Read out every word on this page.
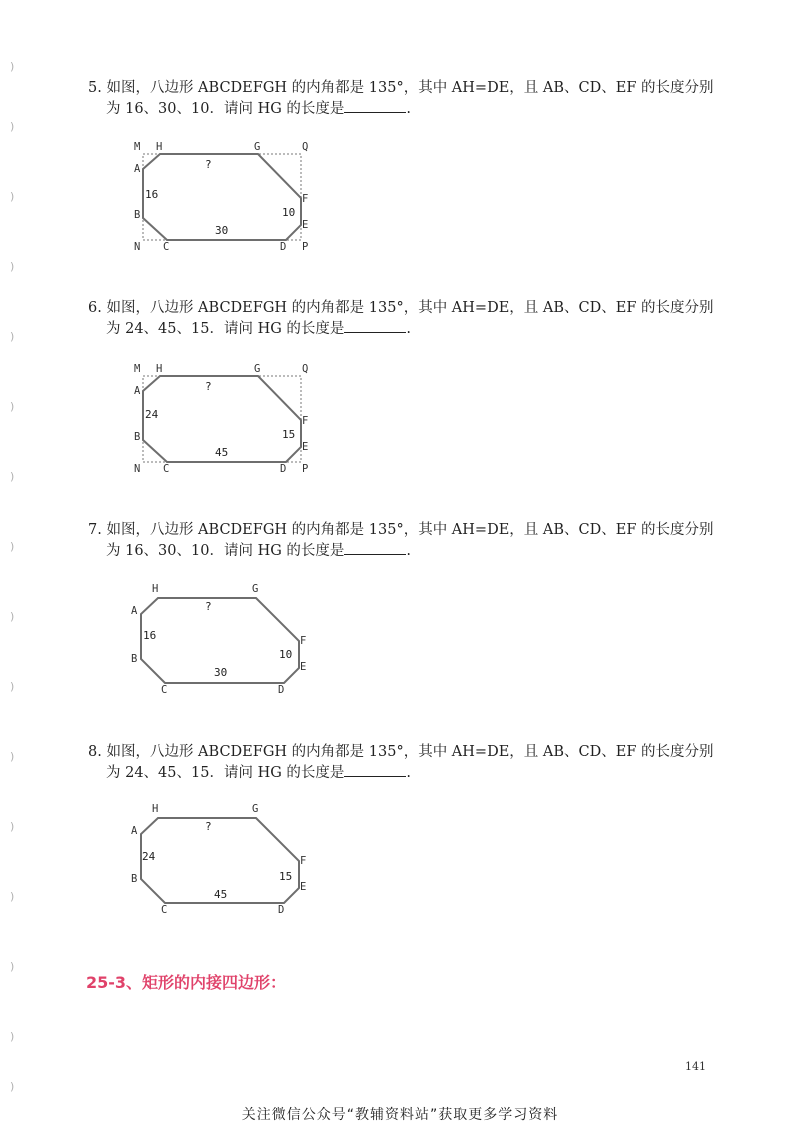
)
)
)
)
)
)
)
)
)
)
)
)
)
)
)
)
5. 如图，八边形 ABCDEFGH 的内角都是 135°，其中 AH=DE，且 AB、CD、EF 的长度分别
为 16、30、10．请问 HG 的长度是	.
M H	G	Q
A
F
B
E
N C	D P
?
16
30
10
6. 如图，八边形 ABCDEFGH 的内角都是 135°，其中 AH=DE，且 AB、CD、EF 的长度分别
为 24、45、15．请问 HG 的长度是	.
M H	G	Q
A
F
B
E
N C	D P
?
24
45
15
7. 如图，八边形 ABCDEFGH 的内角都是 135°，其中 AH=DE，且 AB、CD、EF 的长度分别
为 16、30、10．请问 HG 的长度是	.
H	G
A
F
B
E
C	D
?
16
30
10
8. 如图，八边形 ABCDEFGH 的内角都是 135°，其中 AH=DE，且 AB、CD、EF 的长度分别
为 24、45、15．请问 HG 的长度是	.
H	G
A
F
B
E
C	D
?
24
45
15
25-3、矩形的内接四边形：
141
关注微信公众号“教辅资料站”获取更多学习资料
